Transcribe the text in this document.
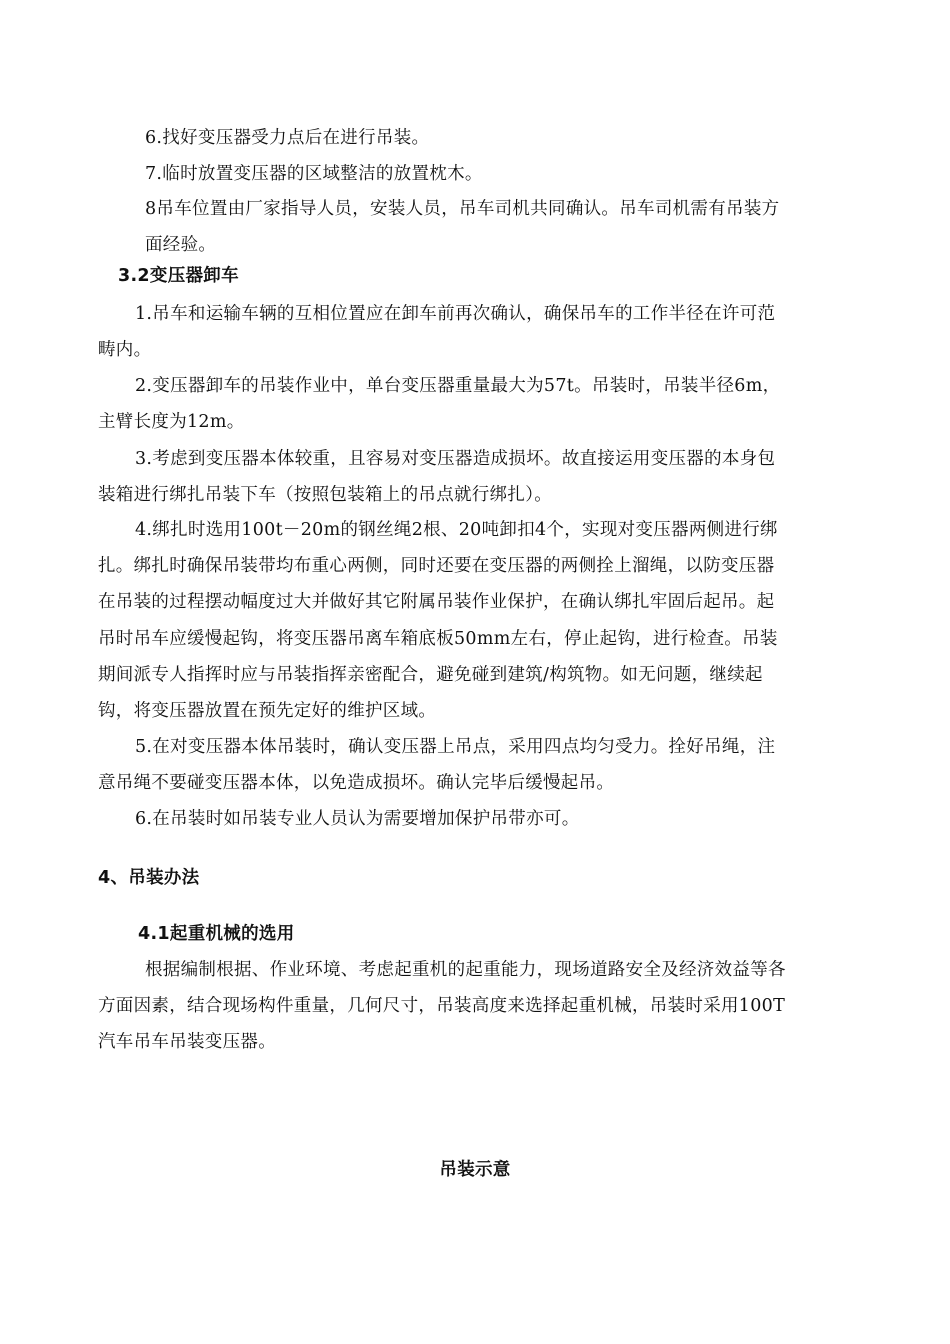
6.找好变压器受力点后在进行吊装。
7.临时放置变压器的区域整洁的放置枕木。
8吊车位置由厂家指导人员，安装人员，吊车司机共同确认。吊车司机需有吊装方
面经验。
3.2变压器卸车
1.吊车和运输车辆的互相位置应在卸车前再次确认，确保吊车的工作半径在许可范
畴内。
2.变压器卸车的吊装作业中，单台变压器重量最大为57t。吊装时，吊装半径6m，
主臂长度为12m。
3.考虑到变压器本体较重，且容易对变压器造成损坏。故直接运用变压器的本身包
装箱进行绑扎吊装下车（按照包装箱上的吊点就行绑扎）。
4.绑扎时选用100t－20m的钢丝绳2根、20吨卸扣4个，实现对变压器两侧进行绑
扎。绑扎时确保吊装带均布重心两侧，同时还要在变压器的两侧拴上溜绳，以防变压器
在吊装的过程摆动幅度过大并做好其它附属吊装作业保护，在确认绑扎牢固后起吊。起
吊时吊车应缓慢起钩，将变压器吊离车箱底板50mm左右，停止起钩，进行检查。吊装
期间派专人指挥时应与吊装指挥亲密配合，避免碰到建筑/构筑物。如无问题，继续起
钩，将变压器放置在预先定好的维护区域。
5.在对变压器本体吊装时，确认变压器上吊点，采用四点均匀受力。拴好吊绳，注
意吊绳不要碰变压器本体，以免造成损坏。确认完毕后缓慢起吊。
6.在吊装时如吊装专业人员认为需要增加保护吊带亦可。
4、吊装办法
4.1起重机械的选用
根据编制根据、作业环境、考虑起重机的起重能力，现场道路安全及经济效益等各
方面因素，结合现场构件重量，几何尺寸，吊装高度来选择起重机械，吊装时采用100T
汽车吊车吊装变压器。
吊装示意
